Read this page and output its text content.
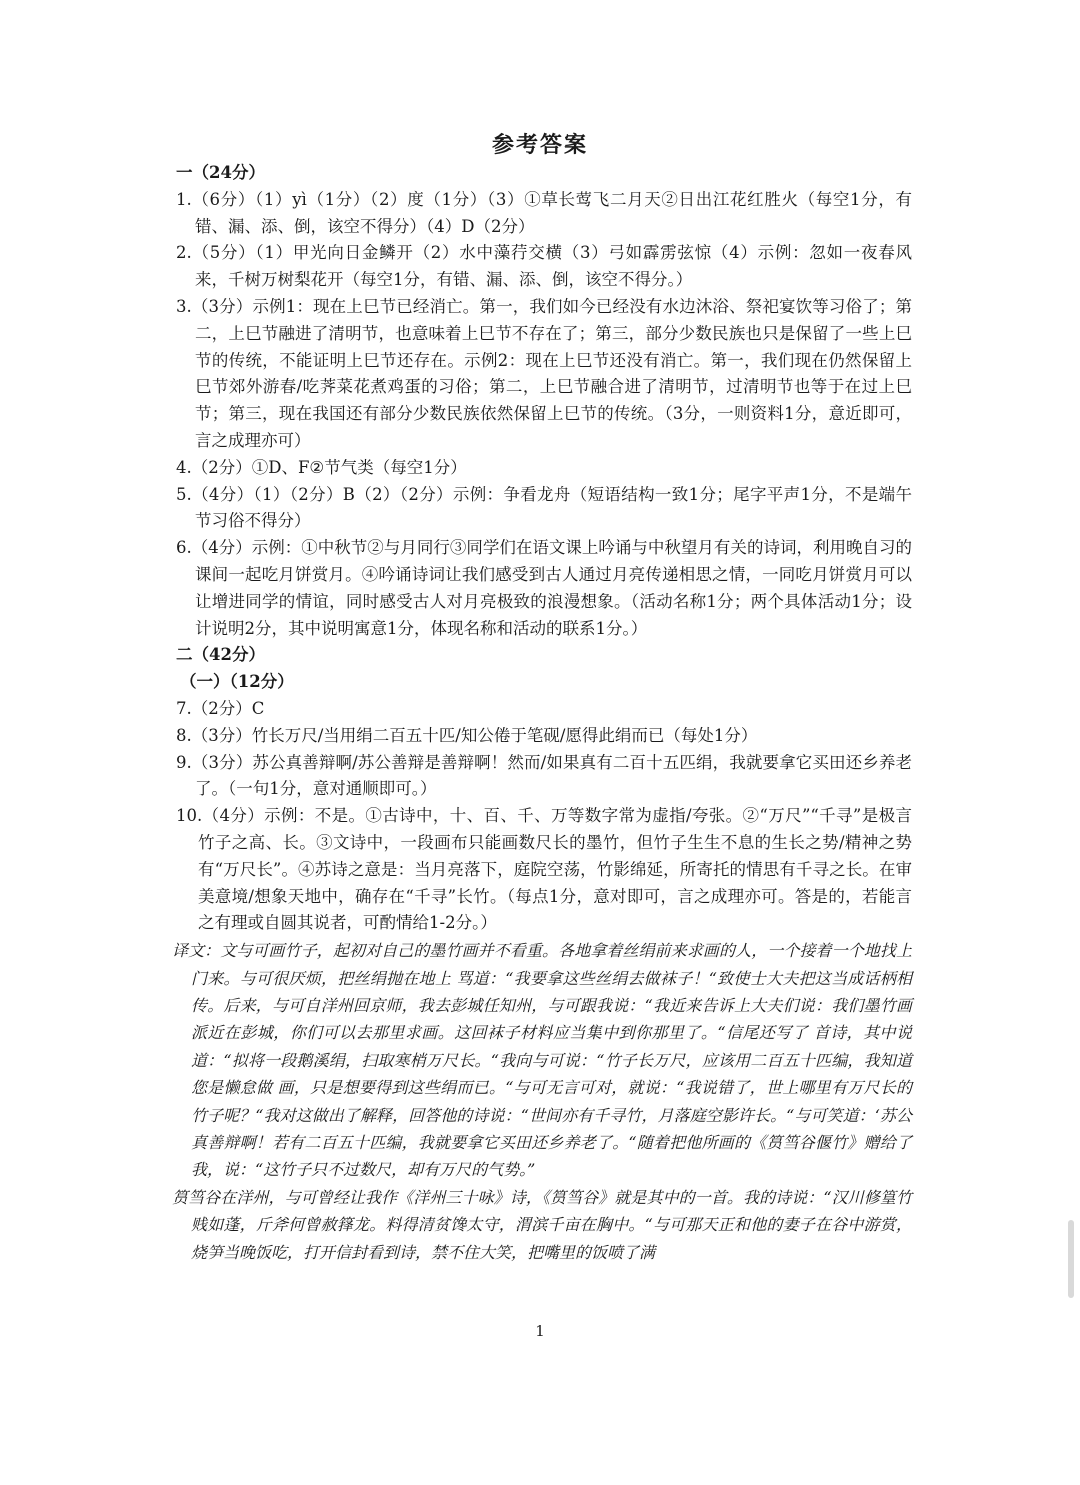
参考答案
一（24分）
1.（6分）（1）yì（1分）（2）度（1分）（3）①草长莺飞二月天②日出江花红胜火（每空1分，有错、漏、添、倒，该空不得分）（4）D（2分）
2.（5分）（1）甲光向日金鳞开（2）水中藻荇交横（3）弓如霹雳弦惊（4）示例：忽如一夜春风来，千树万树梨花开（每空1分，有错、漏、添、倒，该空不得分。）
3.（3分）示例1：现在上巳节已经消亡。第一，我们如今已经没有水边沐浴、祭祀宴饮等习俗了；第二，上巳节融进了清明节，也意味着上巳节不存在了；第三，部分少数民族也只是保留了一些上巳节的传统，不能证明上巳节还存在。示例2：现在上巳节还没有消亡。第一，我们现在仍然保留上巳节郊外游春/吃荠菜花煮鸡蛋的习俗；第二，上巳节融合进了清明节，过清明节也等于在过上巳节；第三，现在我国还有部分少数民族依然保留上巳节的传统。（3分，一则资料1分，意近即可，言之成理亦可）
4.（2分）①D、F②节气类（每空1分）
5.（4分）（1）（2分）B（2）（2分）示例：争看龙舟（短语结构一致1分；尾字平声1分，不是端午节习俗不得分）
6.（4分）示例：①中秋节②与月同行③同学们在语文课上吟诵与中秋望月有关的诗词，利用晚自习的课间一起吃月饼赏月。④吟诵诗词让我们感受到古人通过月亮传递相思之情，一同吃月饼赏月可以让增进同学的情谊，同时感受古人对月亮极致的浪漫想象。（活动名称1分；两个具体活动1分；设计说明2分，其中说明寓意1分，体现名称和活动的联系1分。）
二（42分）
（一）（12分）
7.（2分）C
8.（3分）竹长万尺/当用绢二百五十匹/知公倦于笔砚/愿得此绢而已（每处1分）
9.（3分）苏公真善辩啊/苏公善辩是善辩啊！然而/如果真有二百十五匹绢，我就要拿它买田还乡养老了。（一句1分，意对通顺即可。）
10.（4分）示例：不是。①古诗中，十、百、千、万等数字常为虚指/夸张。②“万尺”“千寻”是极言竹子之高、长。③文诗中，一段画布只能画数尺长的墨竹，但竹子生生不息的生长之势/精神之势有“万尺长”。④苏诗之意是：当月亮落下，庭院空荡，竹影绵延，所寄托的情思有千寻之长。在审美意境/想象天地中，确存在“千寻”长竹。（每点1分，意对即可，言之成理亦可。答是的，若能言之有理或自圆其说者，可酌情给1-2分。）
译文：文与可画竹子，起初对自己的墨竹画并不看重。各地拿着丝绢前来求画的人，一个接着一个地找上门来。与可很厌烦，把丝绢抛在地上 骂道：“我要拿这些丝绢去做袜子！“致使士大夫把这当成话柄相传。后来，与可自洋州回京师，我去彭城任知州，与可跟我说：“我近来告诉上大夫们说：我们墨竹画派近在彭城，你们可以去那里求画。这回袜子材料应当集中到你那里了。“信尾还写了 首诗，其中说道：“拟将一段鹅溪绢，扫取寒梢万尺长。“我向与可说：“竹子长万尺，应该用二百五十匹编，我知道您是懒怠做 画，只是想要得到这些绢而已。“与可无言可对，就说：“我说错了，世上哪里有万尺长的竹子呢？“我对这做出了解释，回答他的诗说：“世间亦有千寻竹，月落庭空影许长。“与可笑道：‘苏公真善辩啊！若有二百五十匹编，我就要拿它买田还乡养老了。“随着把他所画的《筼筜谷偃竹》赠给了我，说：“这竹子只不过数尺，却有万尺的气势。”
筼筜谷在洋州，与可曾经让我作《洋州三十咏》诗，《筼筜谷》就是其中的一首。我的诗说：“汉川修篁竹贱如蓬，斤斧何曾赦箨龙。料得清贫馋太守，渭滨千亩在胸中。“与可那天正和他的妻子在谷中游赏，烧笋当晚饭吃，打开信封看到诗，禁不住大笑，把嘴里的饭喷了满
1
